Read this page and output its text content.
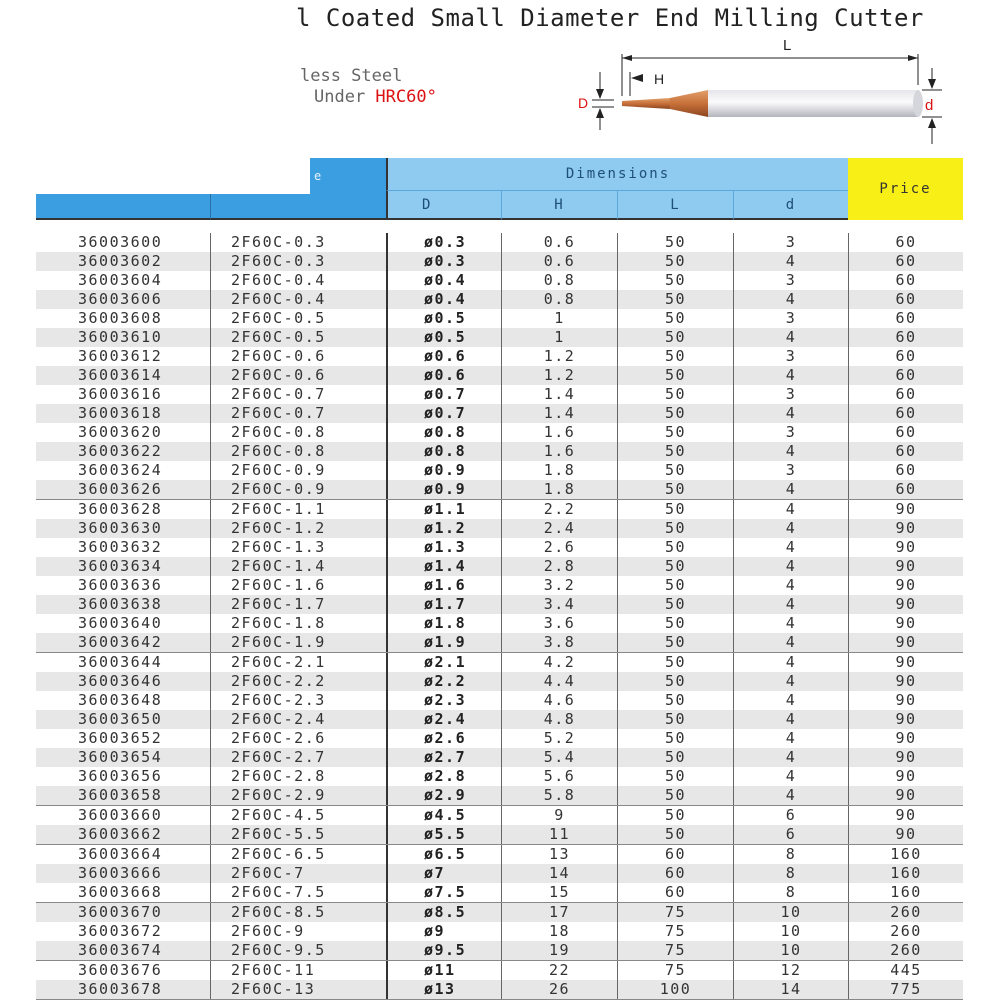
l Coated Small Diameter End Milling Cutter
less Steel
Under HRC60°
L
H
D	d
e	Dimensions
D	H	L	d
Price
36003600	2F60C-0.3	ø0.3	0.6	50	3	60
36003602	2F60C-0.3	ø0.3	0.6	50	4	60
36003604	2F60C-0.4	ø0.4	0.8	50	3	60
36003606	2F60C-0.4	ø0.4	0.8	50	4	60
36003608	2F60C-0.5	ø0.5	1	50	3	60
36003610	2F60C-0.5	ø0.5	1	50	4	60
36003612	2F60C-0.6	ø0.6	1.2	50	3	60
36003614	2F60C-0.6	ø0.6	1.2	50	4	60
36003616	2F60C-0.7	ø0.7	1.4	50	3	60
36003618	2F60C-0.7	ø0.7	1.4	50	4	60
36003620	2F60C-0.8	ø0.8	1.6	50	3	60
36003622	2F60C-0.8	ø0.8	1.6	50	4	60
36003624	2F60C-0.9	ø0.9	1.8	50	3	60
36003626	2F60C-0.9	ø0.9	1.8	50	4	60
36003628	2F60C-1.1	ø1.1	2.2	50	4	90
36003630	2F60C-1.2	ø1.2	2.4	50	4	90
36003632	2F60C-1.3	ø1.3	2.6	50	4	90
36003634	2F60C-1.4	ø1.4	2.8	50	4	90
36003636	2F60C-1.6	ø1.6	3.2	50	4	90
36003638	2F60C-1.7	ø1.7	3.4	50	4	90
36003640	2F60C-1.8	ø1.8	3.6	50	4	90
36003642	2F60C-1.9	ø1.9	3.8	50	4	90
36003644	2F60C-2.1	ø2.1	4.2	50	4	90
36003646	2F60C-2.2	ø2.2	4.4	50	4	90
36003648	2F60C-2.3	ø2.3	4.6	50	4	90
36003650	2F60C-2.4	ø2.4	4.8	50	4	90
36003652	2F60C-2.6	ø2.6	5.2	50	4	90
36003654	2F60C-2.7	ø2.7	5.4	50	4	90
36003656	2F60C-2.8	ø2.8	5.6	50	4	90
36003658	2F60C-2.9	ø2.9	5.8	50	4	90
36003660	2F60C-4.5	ø4.5	9	50	6	90
36003662	2F60C-5.5	ø5.5	11	50	6	90
36003664	2F60C-6.5	ø6.5	13	60	8	160
36003666	2F60C-7	ø7	14	60	8	160
36003668	2F60C-7.5	ø7.5	15	60	8	160
36003670	2F60C-8.5	ø8.5	17	75	10	260
36003672	2F60C-9	ø9	18	75	10	260
36003674	2F60C-9.5	ø9.5	19	75	10	260
36003676	2F60C-11	ø11	22	75	12	445
36003678	2F60C-13	ø13	26	100	14	775
